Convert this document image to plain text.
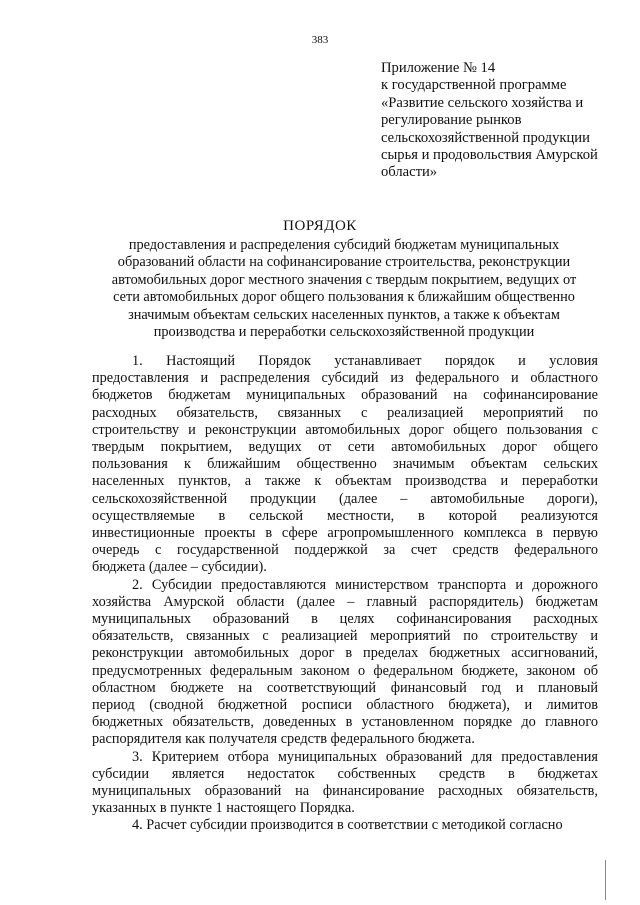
383
Приложение № 14
к государственной программе
«Развитие сельского хозяйства и
регулирование рынков
сельскохозяйственной продукции
сырья и продовольствия Амурской
области»
ПОРЯДОК
предоставления и распределения субсидий бюджетам муниципальных
образований области на софинансирование строительства, реконструкции
автомобильных дорог местного значения с твердым покрытием, ведущих от
сети автомобильных дорог общего пользования к ближайшим общественно
значимым объектам сельских населенных пунктов, а также к объектам
производства и переработки сельскохозяйственной продукции
1. Настоящий Порядок устанавливает порядок и условия
предоставления и распределения субсидий из федерального и областного
бюджетов бюджетам муниципальных образований на софинансирование
расходных обязательств, связанных с реализацией мероприятий по
строительству и реконструкции автомобильных дорог общего пользования с
твердым покрытием, ведущих от сети автомобильных дорог общего
пользования к ближайшим общественно значимым объектам сельских
населенных пунктов, а также к объектам производства и переработки
сельскохозяйственной продукции (далее – автомобильные дороги),
осуществляемые в сельской местности, в которой реализуются
инвестиционные проекты в сфере агропромышленного комплекса в первую
очередь с государственной поддержкой за счет средств федерального
бюджета (далее – субсидии).
2. Субсидии предоставляются министерством транспорта и дорожного
хозяйства Амурской области (далее – главный распорядитель) бюджетам
муниципальных образований в целях софинансирования расходных
обязательств, связанных с реализацией мероприятий по строительству и
реконструкции автомобильных дорог в пределах бюджетных ассигнований,
предусмотренных федеральным законом о федеральном бюджете, законом об
областном бюджете на соответствующий финансовый год и плановый
период (сводной бюджетной росписи областного бюджета), и лимитов
бюджетных обязательств, доведенных в установленном порядке до главного
распорядителя как получателя средств федерального бюджета.
3. Критерием отбора муниципальных образований для предоставления
субсидии является недостаток собственных средств в бюджетах
муниципальных образований на финансирование расходных обязательств,
указанных в пункте 1 настоящего Порядка.
4. Расчет субсидии производится в соответствии с методикой согласно
